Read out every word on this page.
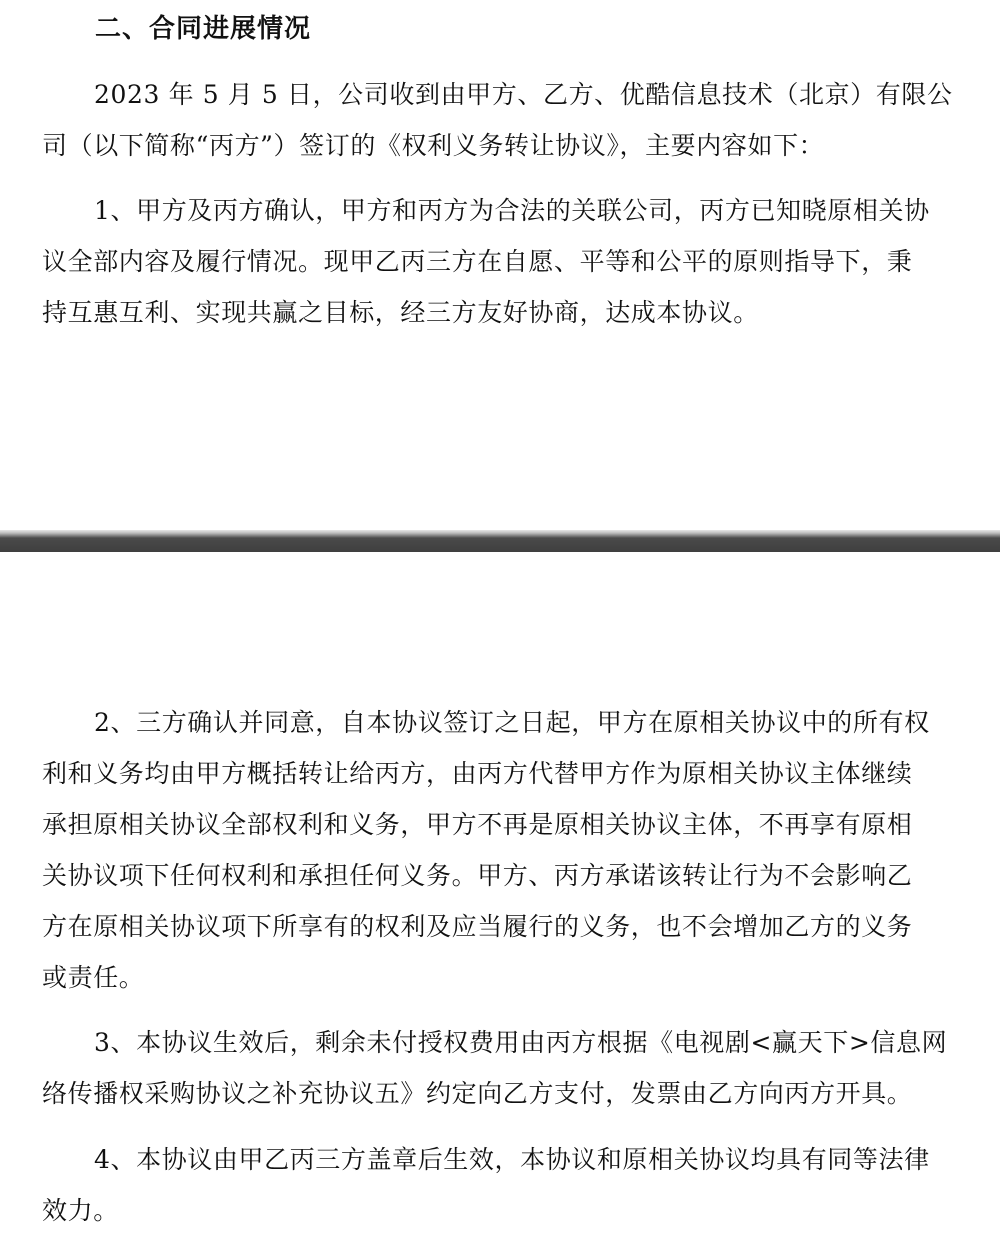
二、合同进展情况
2023 年 5 月 5 日，公司收到由甲方、乙方、优酷信息技术（北京）有限公
司（以下简称“丙方”）签订的《权利义务转让协议》，主要内容如下：
1、甲方及丙方确认，甲方和丙方为合法的关联公司，丙方已知晓原相关协
议全部内容及履行情况。现甲乙丙三方在自愿、平等和公平的原则指导下，秉
持互惠互利、实现共赢之目标，经三方友好协商，达成本协议。
2、三方确认并同意，自本协议签订之日起，甲方在原相关协议中的所有权
利和义务均由甲方概括转让给丙方，由丙方代替甲方作为原相关协议主体继续
承担原相关协议全部权利和义务，甲方不再是原相关协议主体，不再享有原相
关协议项下任何权利和承担任何义务。甲方、丙方承诺该转让行为不会影响乙
方在原相关协议项下所享有的权利及应当履行的义务，也不会增加乙方的义务
或责任。
3、本协议生效后，剩余未付授权费用由丙方根据《电视剧<赢天下>信息网
络传播权采购协议之补充协议五》约定向乙方支付，发票由乙方向丙方开具。
4、本协议由甲乙丙三方盖章后生效，本协议和原相关协议均具有同等法律
效力。
